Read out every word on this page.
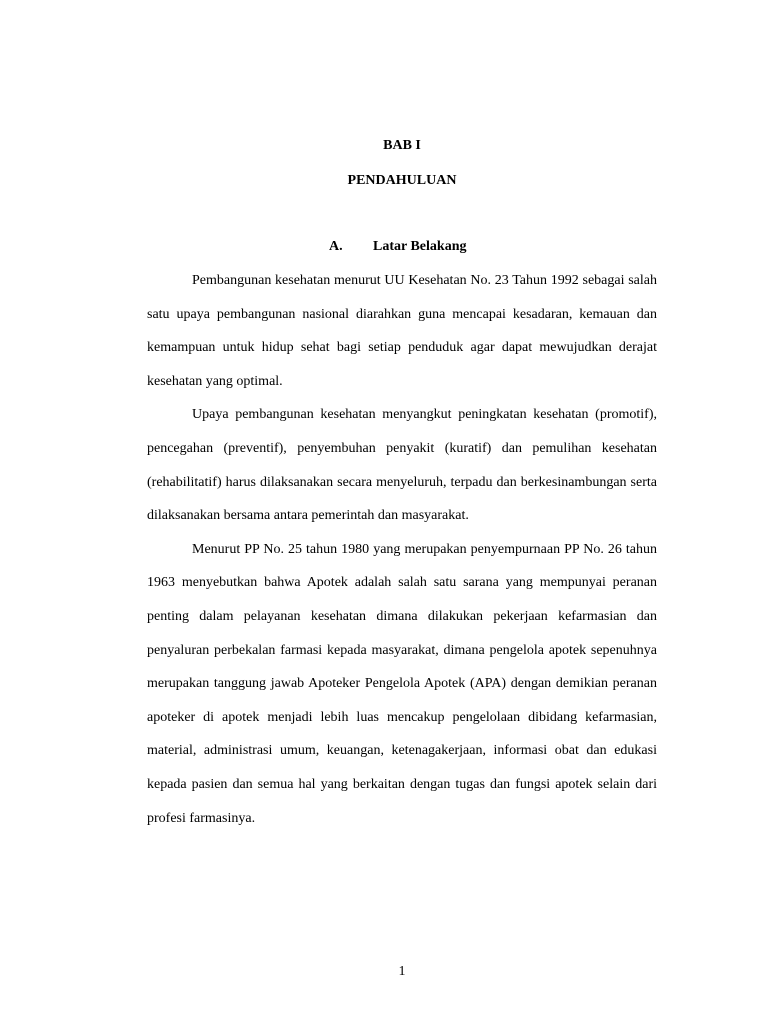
BAB I
PENDAHULUAN
A. Latar Belakang

Pembangunan kesehatan menurut UU Kesehatan No. 23 Tahun 1992 sebagai salah satu upaya pembangunan nasional diarahkan guna mencapai kesadaran, kemauan dan kemampuan untuk hidup sehat bagi setiap penduduk agar dapat mewujudkan derajat kesehatan yang optimal.

Upaya pembangunan kesehatan menyangkut peningkatan kesehatan (promotif), pencegahan (preventif), penyembuhan penyakit (kuratif) dan pemulihan kesehatan (rehabilitatif) harus dilaksanakan secara menyeluruh, terpadu dan berkesinambungan serta dilaksanakan bersama antara pemerintah dan masyarakat.

Menurut PP No. 25 tahun 1980 yang merupakan penyempurnaan PP No. 26 tahun 1963 menyebutkan bahwa Apotek adalah salah satu sarana yang mempunyai peranan penting dalam pelayanan kesehatan dimana dilakukan pekerjaan kefarmasian dan penyaluran perbekalan farmasi kepada masyarakat, dimana pengelola apotek sepenuhnya merupakan tanggung jawab Apoteker Pengelola Apotek (APA) dengan demikian peranan apoteker di apotek menjadi lebih luas mencakup pengelolaan dibidang kefarmasian, material, administrasi umum, keuangan, ketenagakerjaan, informasi obat dan edukasi kepada pasien dan semua hal yang berkaitan dengan tugas dan fungsi apotek selain dari profesi farmasinya.

1
